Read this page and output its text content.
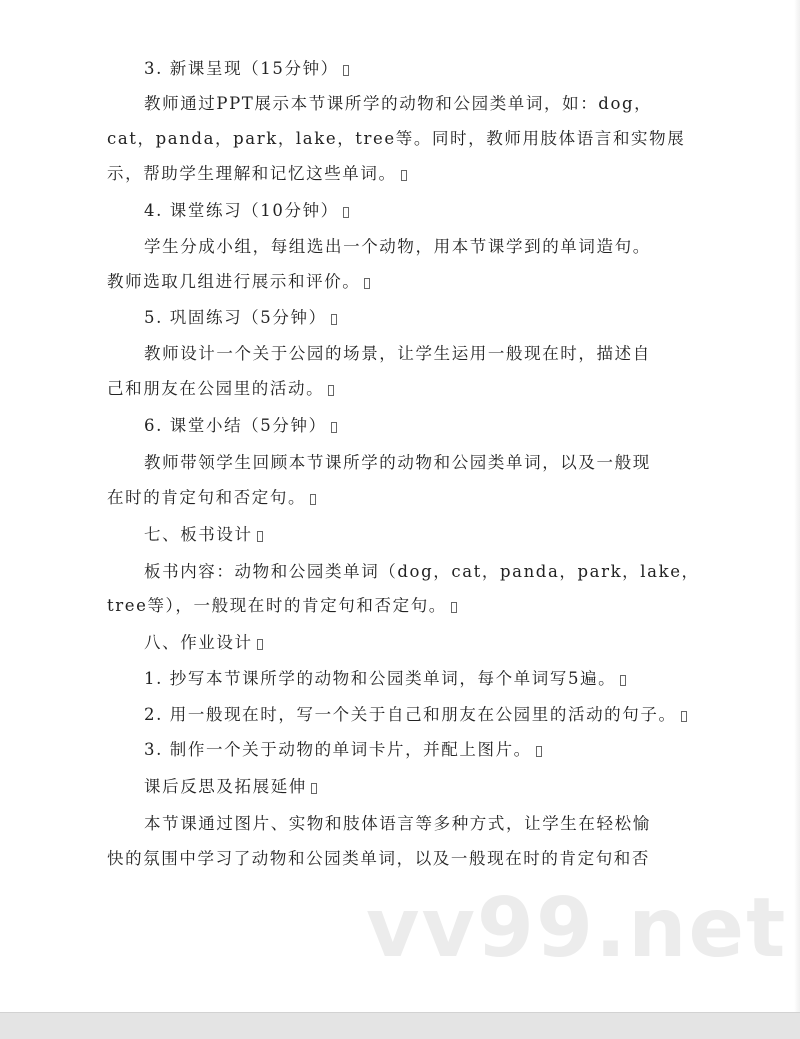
3. 新课呈现（15分钟）
教师通过PPT展示本节课所学的动物和公园类单词，如：dog，
cat，panda，park，lake，tree等。同时，教师用肢体语言和实物展
示，帮助学生理解和记忆这些单词。
4. 课堂练习（10分钟）
学生分成小组，每组选出一个动物，用本节课学到的单词造句。
教师选取几组进行展示和评价。
5. 巩固练习（5分钟）
教师设计一个关于公园的场景，让学生运用一般现在时，描述自
己和朋友在公园里的活动。
6. 课堂小结（5分钟）
教师带领学生回顾本节课所学的动物和公园类单词，以及一般现
在时的肯定句和否定句。
七、板书设计
板书内容：动物和公园类单词（dog，cat，panda，park，lake，
tree等），一般现在时的肯定句和否定句。
八、作业设计
1. 抄写本节课所学的动物和公园类单词，每个单词写5遍。
2. 用一般现在时，写一个关于自己和朋友在公园里的活动的句子。
3. 制作一个关于动物的单词卡片，并配上图片。
课后反思及拓展延伸
本节课通过图片、实物和肢体语言等多种方式，让学生在轻松愉
快的氛围中学习了动物和公园类单词，以及一般现在时的肯定句和否
vv99.net
